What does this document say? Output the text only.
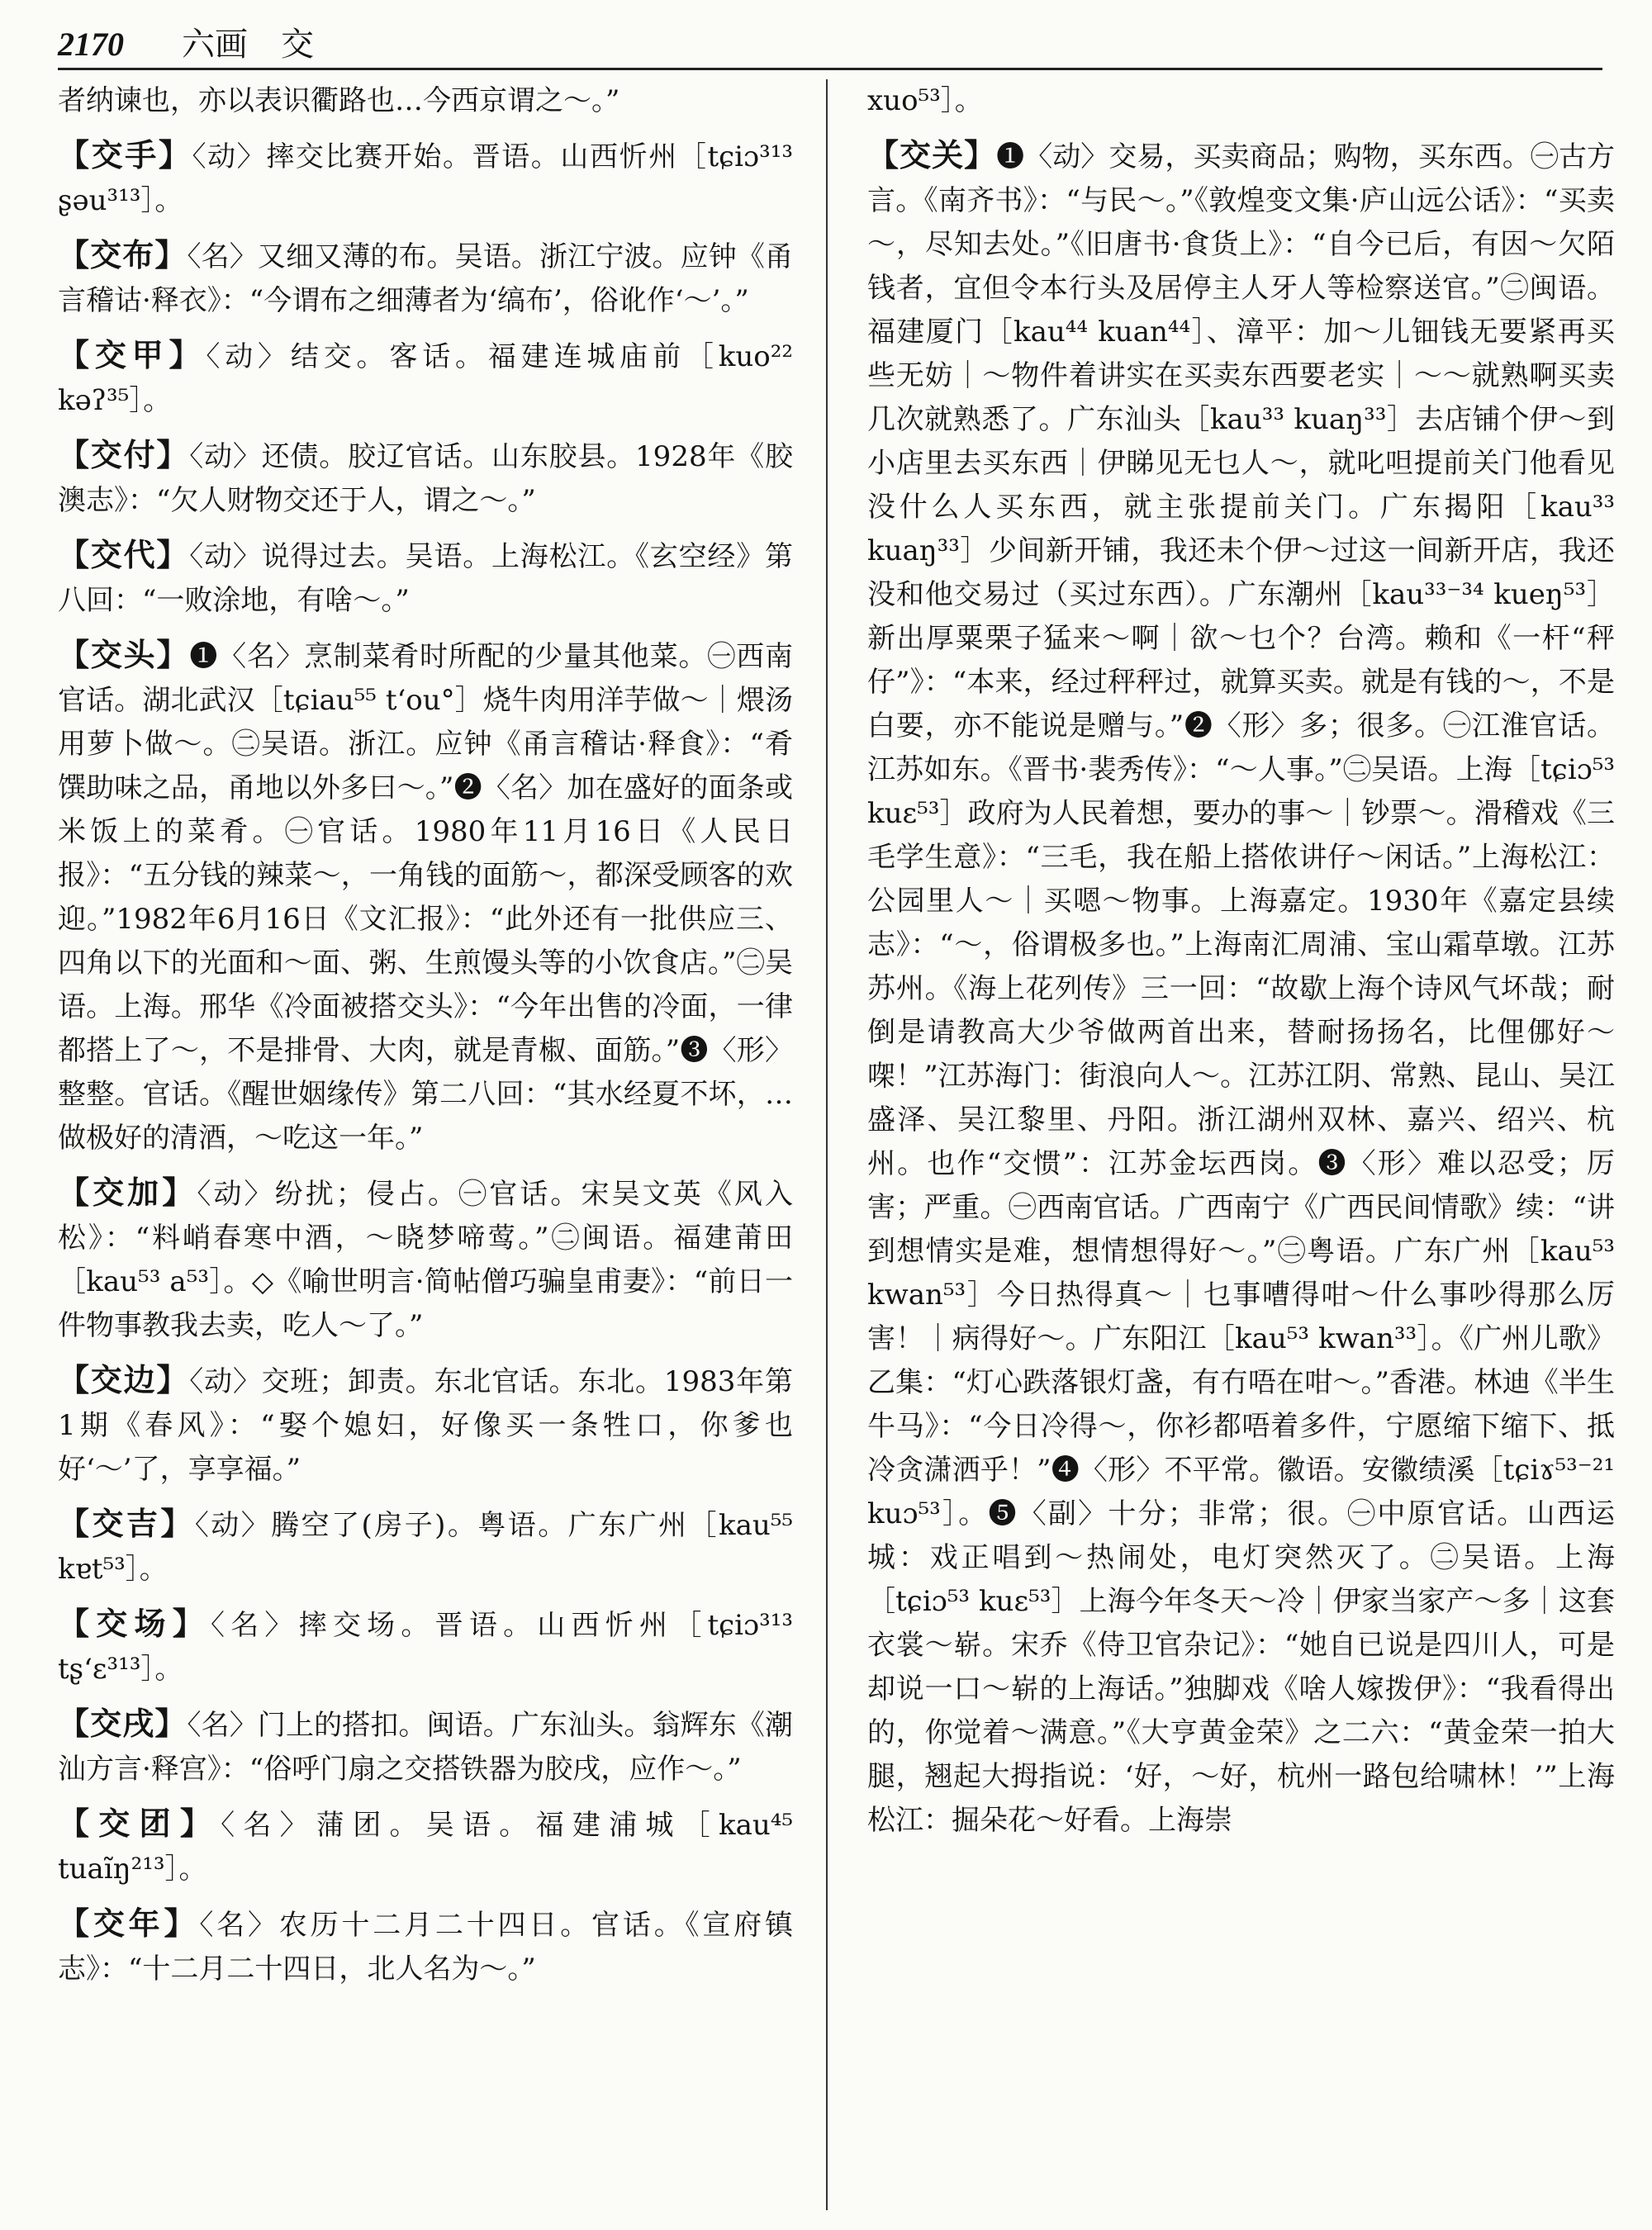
2170 六画　交

者纳谏也，亦以表识衢路也…今西京谓之～。”

【交手】〈动〉摔交比赛开始。晋语。山西忻州［tɕiɔ³¹³ ʂəu³¹³］。

【交布】〈名〉又细又薄的布。吴语。浙江宁波。应钟《甬言稽诂·释衣》：“今谓布之细薄者为‘缟布’，俗讹作‘～’。”

【交甲】〈动〉结交。客话。福建连城庙前［kuo²² kəʔ³⁵］。

【交付】〈动〉还债。胶辽官话。山东胶县。1928年《胶澳志》：“欠人财物交还于人，谓之～。”

【交代】〈动〉说得过去。吴语。上海松江。《玄空经》第八回：“一败涂地，有啥～。”

【交头】❶〈名〉烹制菜肴时所配的少量其他菜。㊀西南官话。湖北武汉［tɕiau⁵⁵ tʻou°］烧牛肉用洋芋做～｜煨汤用萝卜做～。㊁吴语。浙江。应钟《甬言稽诂·释食》：“肴馔助味之品，甬地以外多曰～。”❷〈名〉加在盛好的面条或米饭上的菜肴。㊀官话。1980年11月16日《人民日报》：“五分钱的辣菜～，一角钱的面筋～，都深受顾客的欢迎。”1982年6月16日《文汇报》：“此外还有一批供应三、四角以下的光面和～面、粥、生煎馒头等的小饮食店。”㊁吴语。上海。邢华《冷面被搭交头》：“今年出售的冷面，一律都搭上了～，不是排骨、大肉，就是青椒、面筋。”❸〈形〉整整。官话。《醒世姻缘传》第二八回：“其水经夏不坏，…做极好的清酒，～吃这一年。”

【交加】〈动〉纷扰；侵占。㊀官话。宋吴文英《风入松》：“料峭春寒中酒，～晓梦啼莺。”㊁闽语。福建莆田［kau⁵³ a⁵³］。◇《喻世明言·简帖僧巧骗皇甫妻》：“前日一件物事教我去卖，吃人～了。”

【交边】〈动〉交班；卸责。东北官话。东北。1983年第1期《春风》：“娶个媳妇，好像买一条牲口，你爹也好‘～’了，享享福。”

【交吉】〈动〉腾空了(房子)。粤语。广东广州［kau⁵⁵ kɐt⁵³］。

【交场】〈名〉摔交场。晋语。山西忻州［tɕiɔ³¹³ tʂʻɛ³¹³］。

【交戌】〈名〉门上的搭扣。闽语。广东汕头。翁辉东《潮汕方言·释宫》：“俗呼门扇之交搭铁器为胶戌，应作～。”

【交团】〈名〉蒲团。吴语。福建浦城［kau⁴⁵ tuaĩŋ²¹³］。

【交年】〈名〉农历十二月二十四日。官话。《宣府镇志》：“十二月二十四日，北人名为～。”

xuo⁵³］。

【交关】❶〈动〉交易，买卖商品；购物，买东西。㊀古方言。《南齐书》：“与民～。”《敦煌变文集·庐山远公话》：“买卖～，尽知去处。”《旧唐书·食货上》：“自今已后，有因～欠陌钱者，宜但令本行头及居停主人牙人等检察送官。”㊁闽语。福建厦门［kau⁴⁴ kuan⁴⁴］、漳平：加～儿钿钱无要紧再买些无妨｜～物件着讲实在买卖东西要老实｜～～就熟啊买卖几次就熟悉了。广东汕头［kau³³ kuaŋ³³］去店铺个伊～到小店里去买东西｜伊睇见无乜人～，就叱呾提前关门他看见没什么人买东西，就主张提前关门。广东揭阳［kau³³ kuaŋ³³］少间新开铺，我还未个伊～过这一间新开店，我还没和他交易过（买过东西）。广东潮州［kau³³⁻³⁴ kueŋ⁵³］新出厚粟栗子猛来～啊｜欲～乜个？台湾。赖和《一杆“秤仔”》：“本来，经过秤秤过，就算买卖。就是有钱的～，不是白要，亦不能说是赠与。”❷〈形〉多；很多。㊀江淮官话。江苏如东。《晋书·裴秀传》：“～人事。”㊁吴语。上海［tɕiɔ⁵³ kuɛ⁵³］政府为人民着想，要办的事～｜钞票～。滑稽戏《三毛学生意》：“三毛，我在船上搭侬讲仔～闲话。”上海松江：公园里人～｜买嗯～物事。上海嘉定。1930年《嘉定县续志》：“～，俗谓极多也。”上海南汇周浦、宝山霜草墩。江苏苏州。《海上花列传》三一回：“故歇上海个诗风气坏哉；耐倒是请教高大少爷做两首出来，替耐扬扬名，比俚㑚好～㗎！”江苏海门：街浪向人～。江苏江阴、常熟、昆山、吴江盛泽、吴江黎里、丹阳。浙江湖州双林、嘉兴、绍兴、杭州。也作“交惯”：江苏金坛西岗。❸〈形〉难以忍受；厉害；严重。㊀西南官话。广西南宁《广西民间情歌》续：“讲到想情实是难，想情想得好～。”㊁粤语。广东广州［kau⁵³ kwan⁵³］今日热得真～｜乜事嘈得咁～什么事吵得那么厉害！｜病得好～。广东阳江［kau⁵³ kwan³³］。《广州儿歌》乙集：“灯心跌落银灯盏，有冇唔在咁～。”香港。林迪《半生牛马》：“今日冷得～，你衫都唔着多件，宁愿缩下缩下、抵冷贪潇洒乎！”❹〈形〉不平常。徽语。安徽绩溪［tɕiɤ⁵³⁻²¹ kuɔ⁵³］。❺〈副〉十分；非常；很。㊀中原官话。山西运城：戏正唱到～热闹处，电灯突然灭了。㊁吴语。上海［tɕiɔ⁵³ kuɛ⁵³］上海今年冬天～冷｜伊家当家产～多｜这套衣裳～崭。宋乔《侍卫官杂记》：“她自已说是四川人，可是却说一口～崭的上海话。”独脚戏《啥人嫁拨伊》：“我看得出的，你觉着～满意。”《大亨黄金荣》之二六：“黄金荣一拍大腿，翘起大拇指说：‘好，～好，杭州一路包给啸林！’”上海松江：掘朵花～好看。上海崇
